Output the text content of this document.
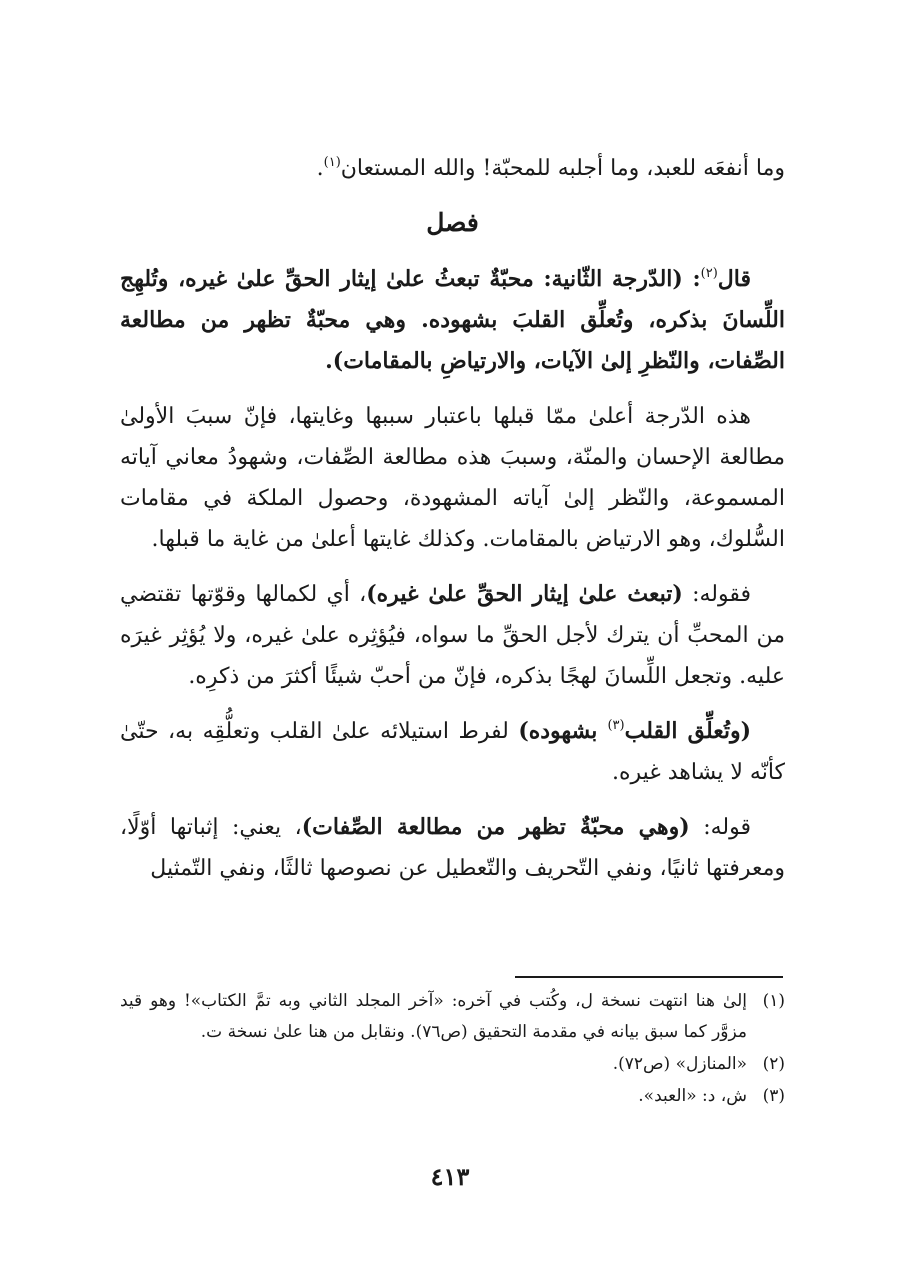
وما أنفعَه للعبد، وما أجلبه للمحبّة! والله المستعان$^{(١)}$.

فصل

قال$^{(٢)}$: (الدّرجة الثّانية: محبّةٌ تبعثُ علىٰ إيثار الحقِّ علىٰ غيره، وتُلهِج اللِّسانَ بذكره، وتُعلِّق القلبَ بشهوده. وهي محبّةٌ تظهر من مطالعة الصِّفات، والنّظرِ إلىٰ الآيات، والارتياضِ بالمقامات).

هذه الدّرجة أعلىٰ ممّا قبلها باعتبار سببها وغايتها، فإنّ سببَ الأولىٰ مطالعة الإحسان والمنّة، وسببَ هذه مطالعة الصِّفات، وشهودُ معاني آياته المسموعة، والنّظر إلىٰ آياته المشهودة، وحصول الملكة في مقامات السُّلوك، وهو الارتياض بالمقامات. وكذلك غايتها أعلىٰ من غاية ما قبلها.

فقوله: (تبعث علىٰ إيثار الحقِّ علىٰ غيره)، أي لكمالها وقوّتها تقتضي من المحبِّ أن يترك لأجل الحقِّ ما سواه، فيُؤثِره علىٰ غيره، ولا يُؤثِر غيرَه عليه. وتجعل اللِّسانَ لهجًا بذكره، فإنّ من أحبّ شيئًا أكثرَ من ذكرِه.

(وتُعلِّق القلب$^{(٣)}$ بشهوده) لفرط استيلائه علىٰ القلب وتعلُّقِه به، حتّىٰ كأنّه لا يشاهد غيره.

قوله: (وهي محبّةٌ تظهر من مطالعة الصِّفات)، يعني: إثباتها أوّلًا، ومعرفتها ثانيًا، ونفي التّحريف والتّعطيل عن نصوصها ثالثًا، ونفي التّمثيل

(١)
إلىٰ هنا انتهت نسخة ل، وكُتب في آخره: «آخر المجلد الثاني وبه تمَّ الكتاب»! وهو قيد مزوَّر كما سبق بيانه في مقدمة التحقيق (ص٧٦). ونقابل من هنا علىٰ نسخة ت.
(٢)
«المنازل» (ص٧٢).
(٣)
ش، د: «العبد».
٤١٣
